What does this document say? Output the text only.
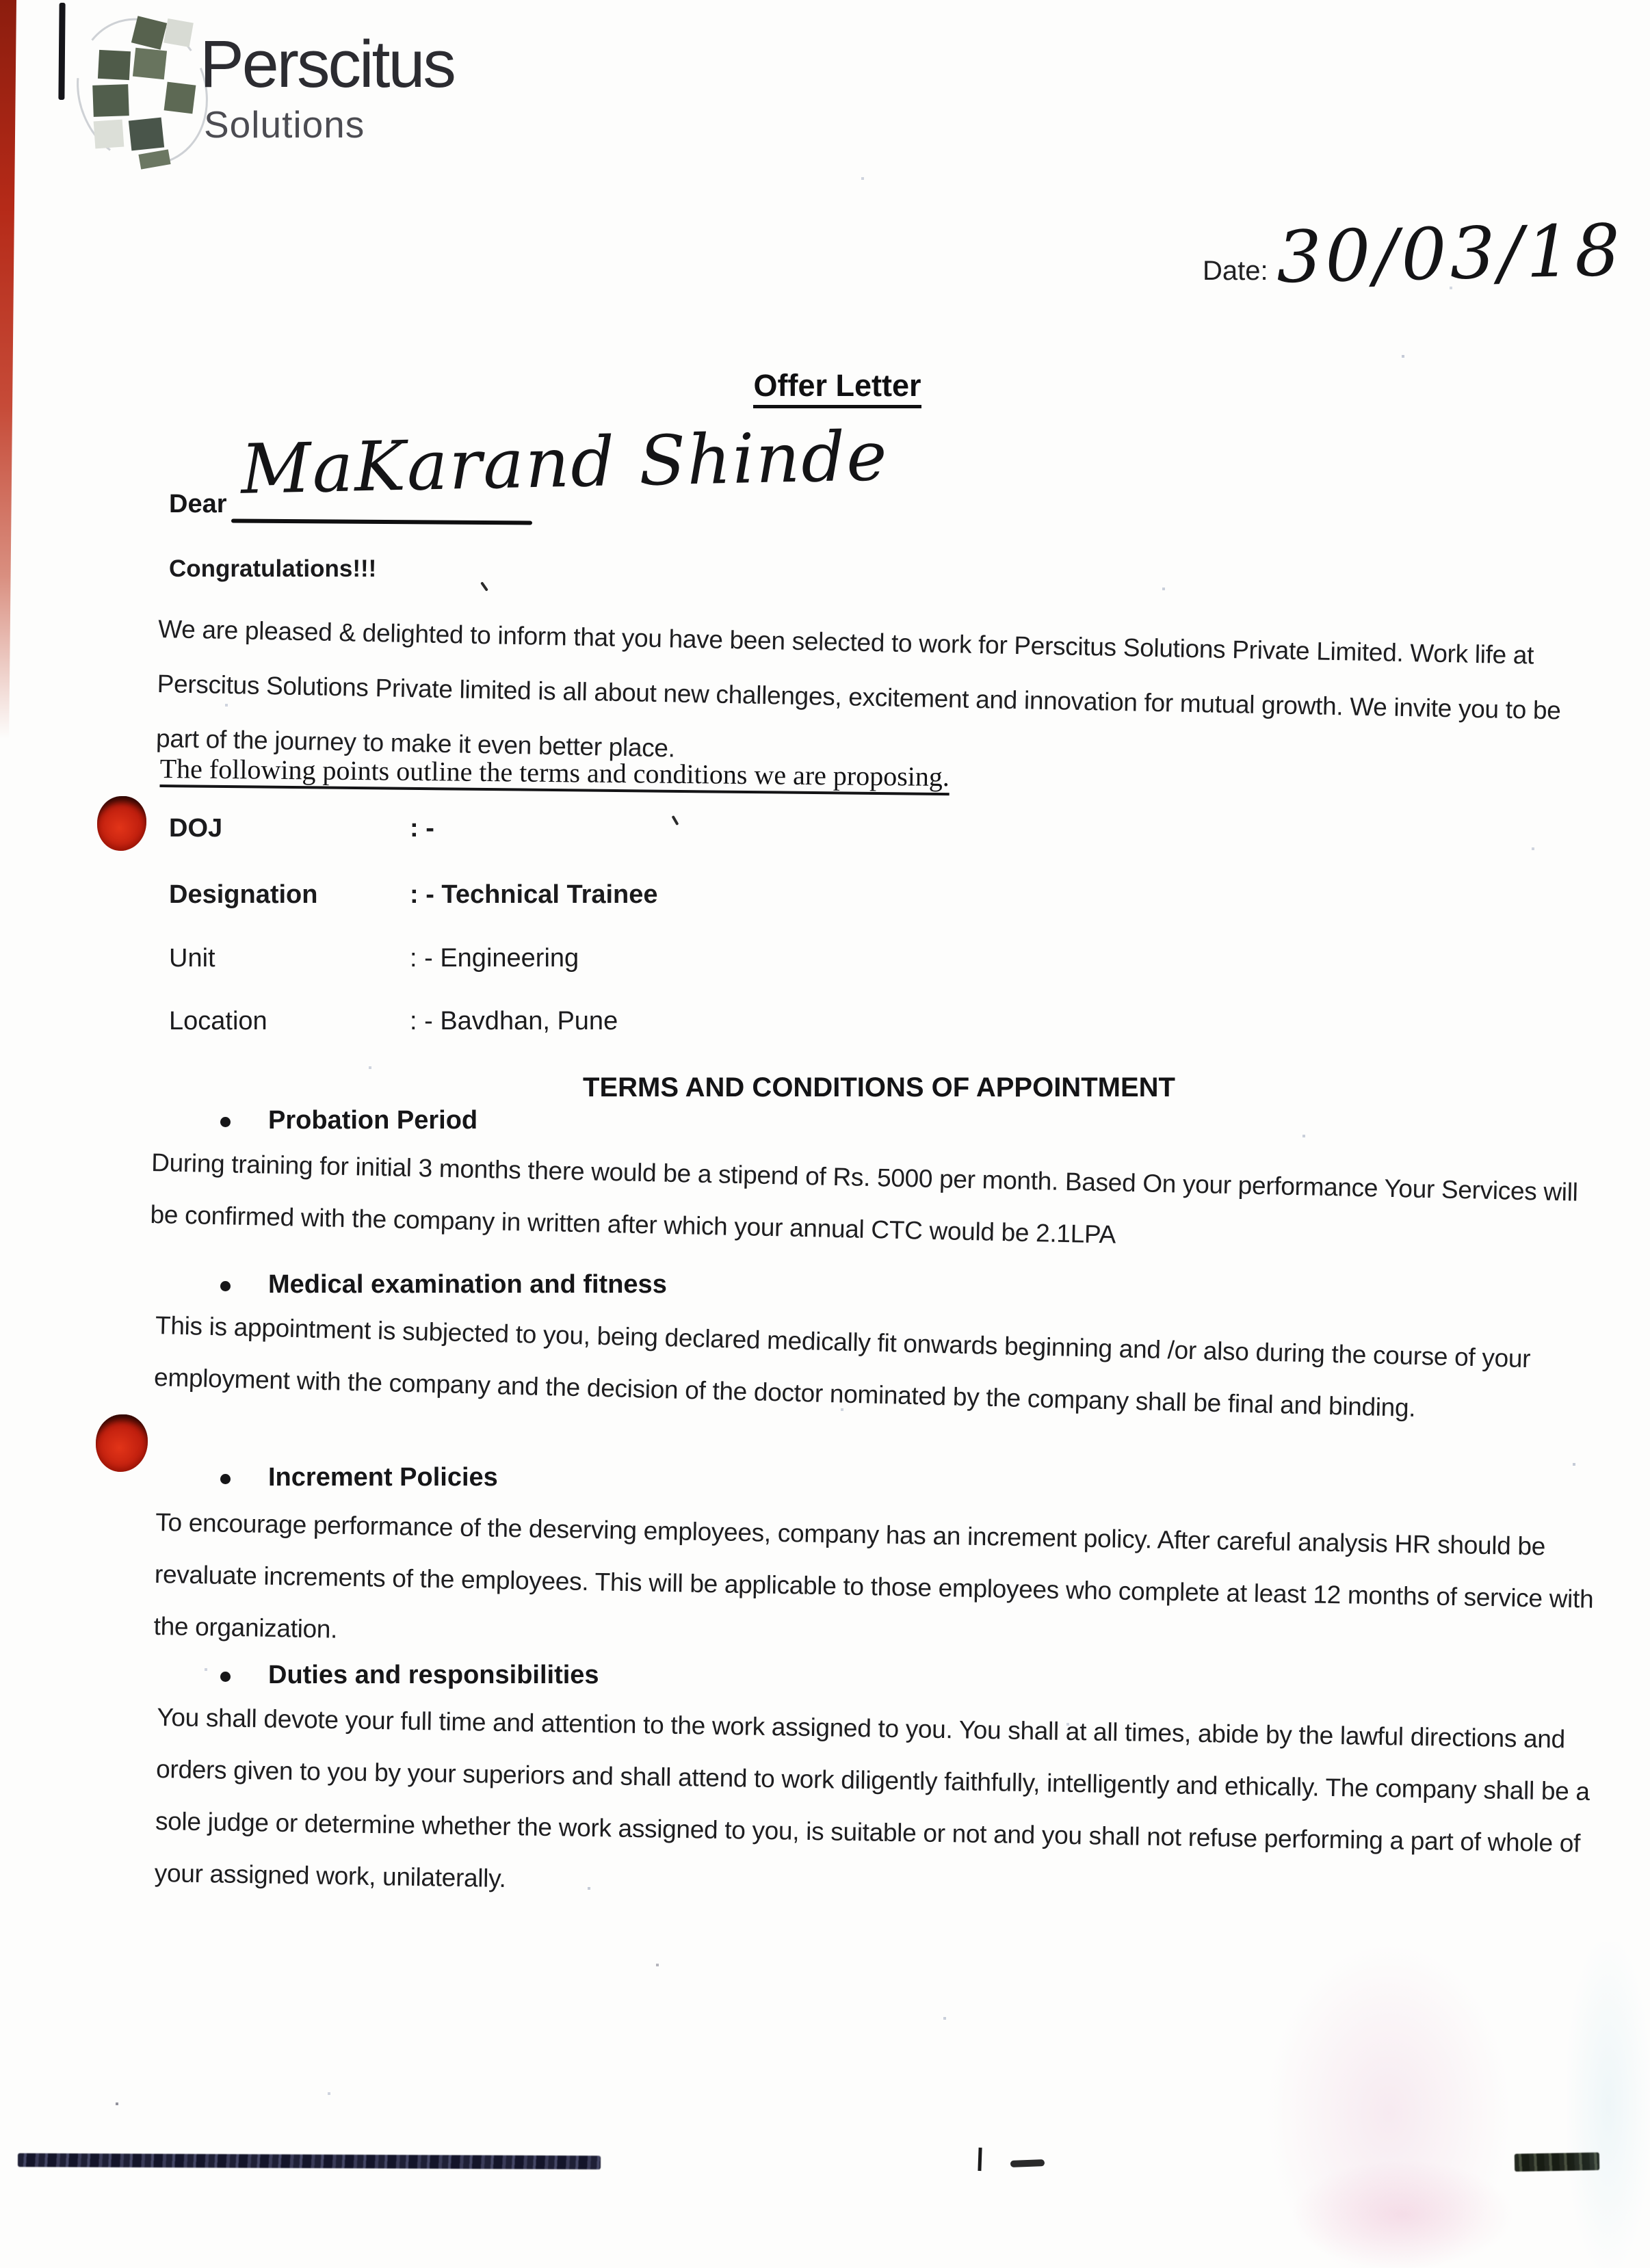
Perscitus
Solutions
Date: 30/03/18
Offer Letter
Dear MaKarand Shinde
Congratulations!!!
We are pleased & delighted to inform that you have been selected to work for Perscitus Solutions Private Limited. Work life at Perscitus Solutions Private limited is all about new challenges, excitement and innovation for mutual growth. We invite you to be part of the journey to make it even better place.
The following points outline the terms and conditions we are proposing.
DOJ	: -
Designation	: - Technical Trainee
Unit	: - Engineering
Location	: - Bavdhan, Pune
TERMS AND CONDITIONS OF APPOINTMENT
Probation Period
During training for initial 3 months there would be a stipend of Rs. 5000 per month. Based On your performance Your Services will be confirmed with the company in written after which your annual CTC would be 2.1LPA
Medical examination and fitness
This is appointment is subjected to you, being declared medically fit onwards beginning and /or also during the course of your employment with the company and the decision of the doctor nominated by the company shall be final and binding.
Increment Policies
To encourage performance of the deserving employees, company has an increment policy. After careful analysis HR should be revaluate increments of the employees. This will be applicable to those employees who complete at least 12 months of service with the organization.
Duties and responsibilities
You shall devote your full time and attention to the work assigned to you. You shall at all times, abide by the lawful directions and orders given to you by your superiors and shall attend to work diligently faithfully, intelligently and ethically. The company shall be a sole judge or determine whether the work assigned to you, is suitable or not and you shall not refuse performing a part of whole of your assigned work, unilaterally.
